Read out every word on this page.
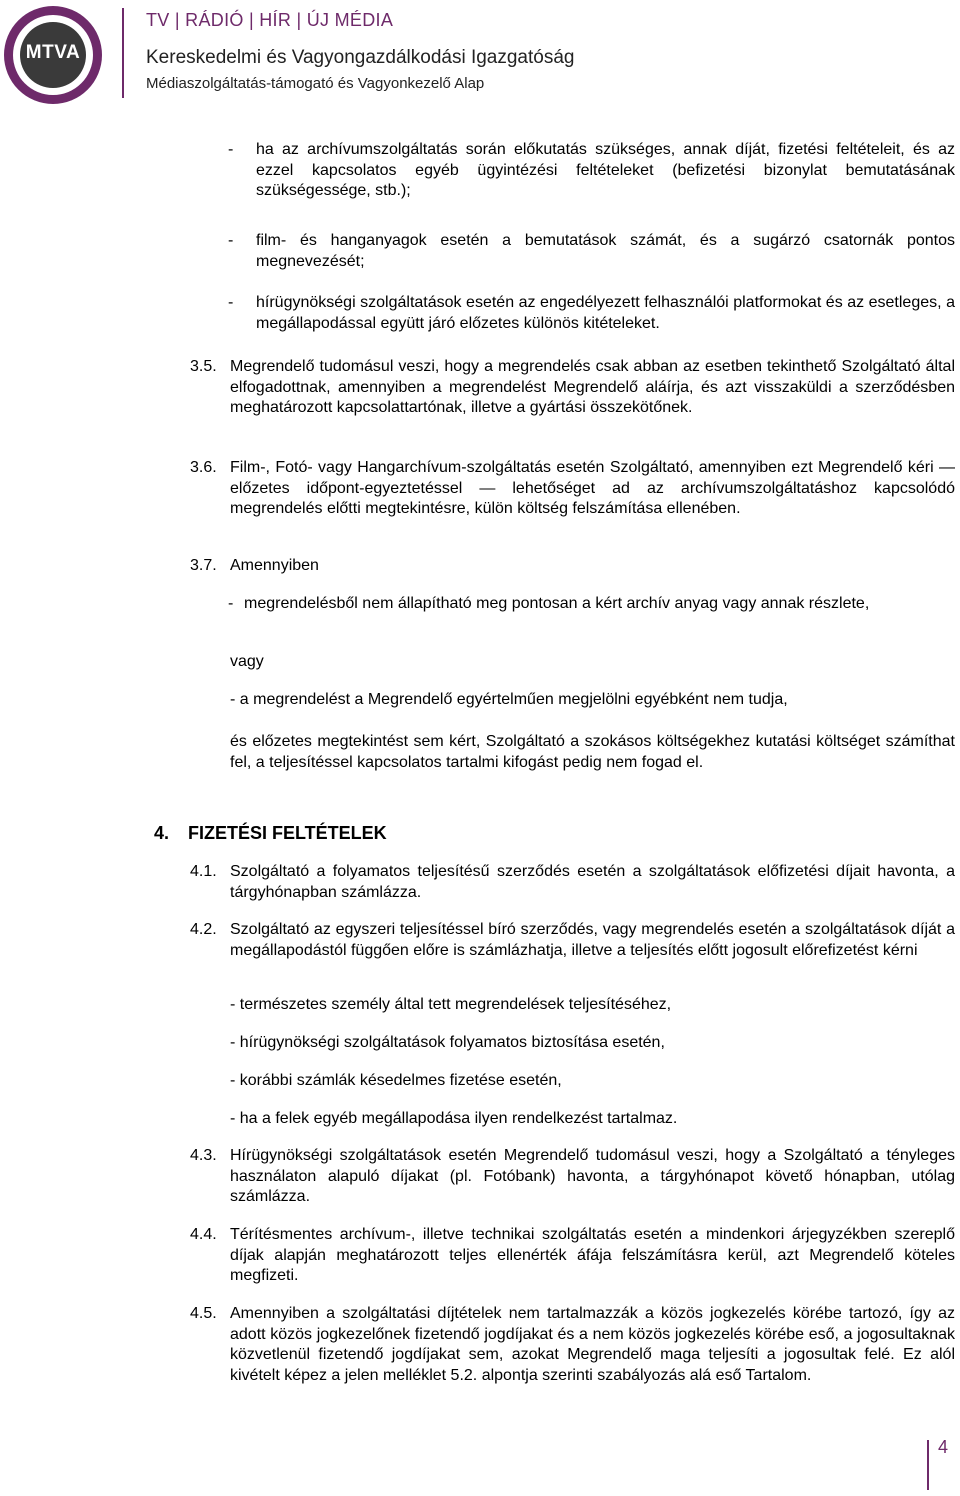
MTVA
TV | RÁDIÓ | HÍR | ÚJ MÉDIA
Kereskedelmi és Vagyongazdálkodási Igazgatóság
Médiaszolgáltatás-támogató és Vagyonkezelő Alap
-	ha az archívumszolgáltatás során előkutatás szükséges, annak díját, fizetési feltételeit, és az ezzel kapcsolatos egyéb ügyintézési feltételeket (befizetési bizonylat bemutatásának szükségessége, stb.);
-	film- és hanganyagok esetén a bemutatások számát, és a sugárzó csatornák pontos megnevezését;
-	hírügynökségi szolgáltatások esetén az engedélyezett felhasználói platformokat és az esetleges, a megállapodással együtt járó előzetes különös kitételeket.
3.5. Megrendelő tudomásul veszi, hogy a megrendelés csak abban az esetben tekinthető Szolgáltató által elfogadottnak, amennyiben a megrendelést Megrendelő aláírja, és azt visszaküldi a szerződésben meghatározott kapcsolattartónak, illetve a gyártási összekötőnek.
3.6. Film-, Fotó- vagy Hangarchívum-szolgáltatás esetén Szolgáltató, amennyiben ezt Megrendelő kéri — előzetes időpont-egyeztetéssel — lehetőséget ad az archívumszolgáltatáshoz kapcsolódó megrendelés előtti megtekintésre, külön költség felszámítása ellenében.
3.7. Amennyiben
- megrendelésből nem állapítható meg pontosan a kért archív anyag vagy annak részlete,
vagy
- a megrendelést a Megrendelő egyértelműen megjelölni egyébként nem tudja,
és előzetes megtekintést sem kért, Szolgáltató a szokásos költségekhez kutatási költséget számíthat fel, a teljesítéssel kapcsolatos tartalmi kifogást pedig nem fogad el.
4. FIZETÉSI FELTÉTELEK
4.1. Szolgáltató a folyamatos teljesítésű szerződés esetén a szolgáltatások előfizetési díjait havonta, a tárgyhónapban számlázza.
4.2. Szolgáltató az egyszeri teljesítéssel bíró szerződés, vagy megrendelés esetén a szolgáltatások díját a megállapodástól függően előre is számlázhatja, illetve a teljesítés előtt jogosult előrefizetést kérni
- természetes személy által tett megrendelések teljesítéséhez,
- hírügynökségi szolgáltatások folyamatos biztosítása esetén,
- korábbi számlák késedelmes fizetése esetén,
- ha a felek egyéb megállapodása ilyen rendelkezést tartalmaz.
4.3. Hírügynökségi szolgáltatások esetén Megrendelő tudomásul veszi, hogy a Szolgáltató a tényleges használaton alapuló díjakat (pl. Fotóbank) havonta, a tárgyhónapot követő hónapban, utólag számlázza.
4.4. Térítésmentes archívum-, illetve technikai szolgáltatás esetén a mindenkori árjegyzékben szereplő díjak alapján meghatározott teljes ellenérték áfája felszámításra kerül, azt Megrendelő köteles megfizeti.
4.5. Amennyiben a szolgáltatási díjtételek nem tartalmazzák a közös jogkezelés körébe tartozó, így az adott közös jogkezelőnek fizetendő jogdíjakat és a nem közös jogkezelés körébe eső, a jogosultaknak közvetlenül fizetendő jogdíjakat sem, azokat Megrendelő maga teljesíti a jogosultak felé. Ez alól kivételt képez a jelen melléklet 5.2. alpontja szerinti szabályozás alá eső Tartalom.
4
